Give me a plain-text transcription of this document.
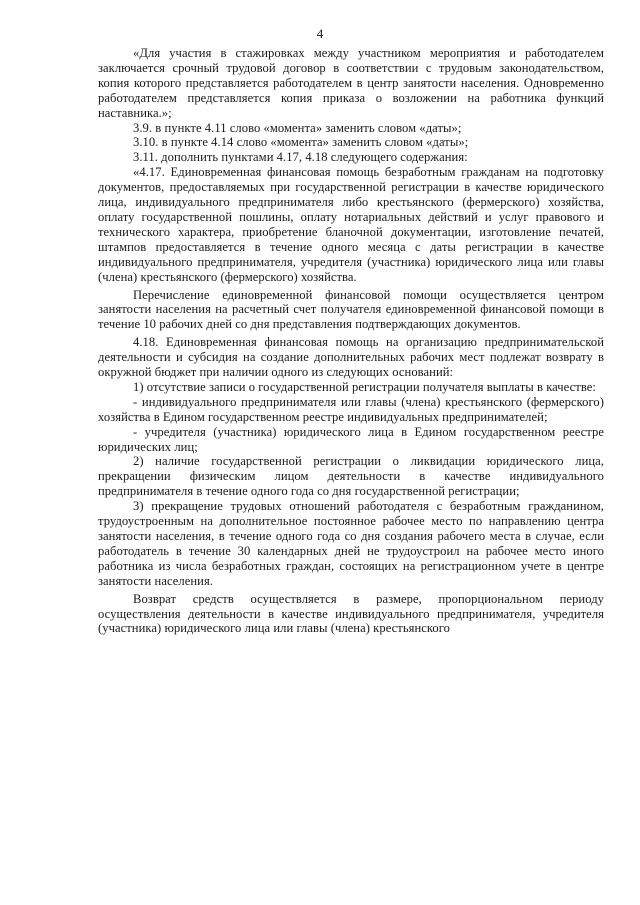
4

«Для участия в стажировках между участником мероприятия и работодателем заключается срочный трудовой договор в соответствии с трудовым законодательством, копия которого представляется работодателем в центр занятости населения. Одновременно работодателем представляется копия приказа о возложении на работника функций наставника.»;

3.9. в пункте 4.11 слово «момента» заменить словом «даты»;

3.10. в пункте 4.14 слово «момента» заменить словом «даты»;

3.11. дополнить пунктами 4.17, 4.18 следующего содержания:

«4.17. Единовременная финансовая помощь безработным гражданам на подготовку документов, предоставляемых при государственной регистрации в качестве юридического лица, индивидуального предпринимателя либо крестьянского (фермерского) хозяйства, оплату государственной пошлины, оплату нотариальных действий и услуг правового и технического характера, приобретение бланочной документации, изготовление печатей, штампов предоставляется в течение одного месяца с даты регистрации в качестве индивидуального предпринимателя, учредителя (участника) юридического лица или главы (члена) крестьянского (фермерского) хозяйства.

Перечисление единовременной финансовой помощи осуществляется центром занятости населения на расчетный счет получателя единовременной финансовой помощи в течение 10 рабочих дней со дня представления подтверждающих документов.

4.18. Единовременная финансовая помощь на организацию предпринимательской деятельности и субсидия на создание дополнительных рабочих мест подлежат возврату в окружной бюджет при наличии одного из следующих оснований:

1) отсутствие записи о государственной регистрации получателя выплаты в качестве:

- индивидуального предпринимателя или главы (члена) крестьянского (фермерского) хозяйства в Едином государственном реестре индивидуальных предпринимателей;

- учредителя (участника) юридического лица в Едином государственном реестре юридических лиц;

2) наличие государственной регистрации о ликвидации юридического лица, прекращении физическим лицом деятельности в качестве индивидуального предпринимателя в течение одного года со дня государственной регистрации;

3) прекращение трудовых отношений работодателя с безработным гражданином, трудоустроенным на дополнительное постоянное рабочее место по направлению центра занятости населения, в течение одного года со дня создания рабочего места в случае, если работодатель в течение 30 календарных дней не трудоустроил на рабочее место иного работника из числа безработных граждан, состоящих на регистрационном учете в центре занятости населения.

Возврат средств осуществляется в размере, пропорциональном периоду осуществления деятельности в качестве индивидуального предпринимателя, учредителя (участника) юридического лица или главы (члена) крестьянского
